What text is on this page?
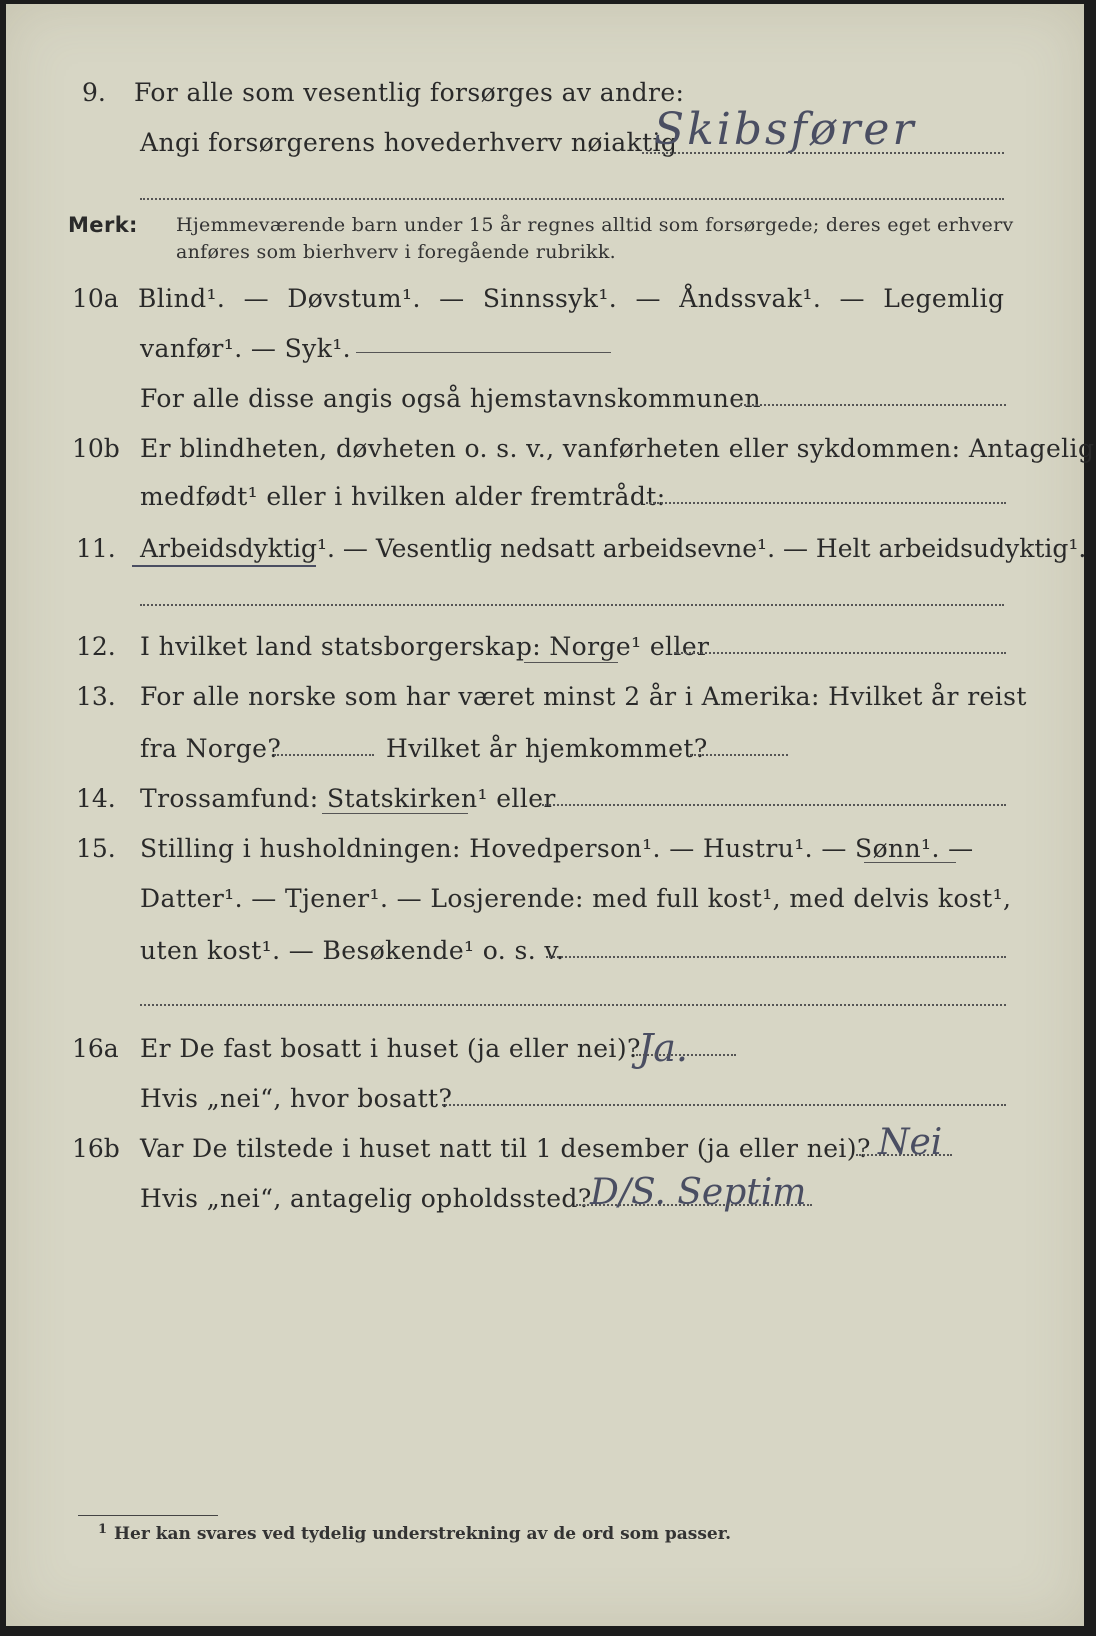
9. For alle som vesentlig forsørges av andre:
Angi forsørgerens hovederhverv nøiaktig
Skibsfører
Merk: Hjemmeværende barn under 15 år regnes alltid som forsørgede; deres eget erhverv
anføres som bierhverv i foregående rubrikk.
10a Blind¹. — Døvstum¹. — Sinnssyk¹. — Åndssvak¹. — Legemlig
vanfør¹. — Syk¹.
For alle disse angis også hjemstavnskommunen
10b Er blindheten, døvheten o. s. v., vanførheten eller sykdommen: Antagelig
medfødt¹ eller i hvilken alder fremtrådt:
11. Arbeidsdyktig¹. — Vesentlig nedsatt arbeidsevne¹. — Helt arbeidsudyktig¹.
12. I hvilket land statsborgerskap: Norge¹ eller
13. For alle norske som har været minst 2 år i Amerika: Hvilket år reist
fra Norge?	Hvilket år hjemkommet?
14. Trossamfund: Statskirken¹ eller
15. Stilling i husholdningen: Hovedperson¹. — Hustru¹. — Sønn¹. —
Datter¹. — Tjener¹. — Losjerende: med full kost¹, med delvis kost¹,
uten kost¹. — Besøkende¹ o. s. v.
16a Er De fast bosatt i huset (ja eller nei)?
Ja.
Hvis „nei“, hvor bosatt?
16b Var De tilstede i huset natt til 1 desember (ja eller nei)? Nei
Hvis „nei“, antagelig opholdssted?
D/S. Septim
1 Her kan svares ved tydelig understrekning av de ord som passer.
